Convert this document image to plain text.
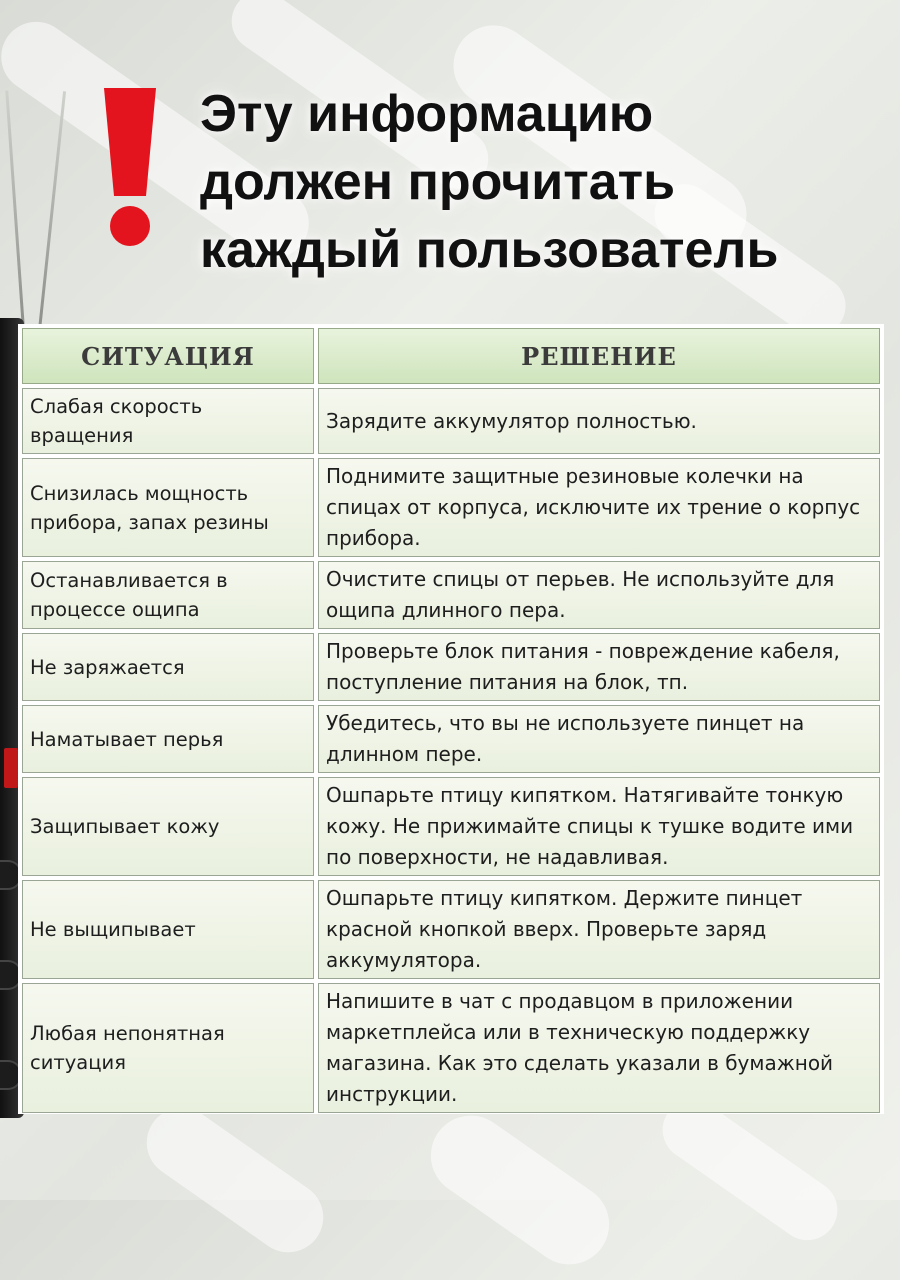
Эту информацию
должен прочитать
каждый пользователь
СИТУАЦИЯ	РЕШЕНИЕ
Слабая скорость вращения	Зарядите аккумулятор полностью.
Снизилась мощность прибора, запах резины	Поднимите защитные резиновые колечки на спицах от корпуса, исключите их трение о корпус прибора.
Останавливается в процессе ощипа	Очистите спицы от перьев. Не используйте для ощипа длинного пера.
Не заряжается	Проверьте блок питания - повреждение кабеля, поступление питания на блок, тп.
Наматывает перья	Убедитесь, что вы не используете пинцет на длинном пере.
Защипывает кожу	Ошпарьте птицу кипятком. Натягивайте тонкую кожу. Не прижимайте спицы к тушке водите ими по поверхности, не надавливая.
Не выщипывает	Ошпарьте птицу кипятком. Держите пинцет красной кнопкой вверх. Проверьте заряд аккумулятора.
Любая непонятная ситуация	Напишите в чат с продавцом в приложении маркетплейса или в техническую поддержку магазина. Как это сделать указали в бумажной инструкции.
